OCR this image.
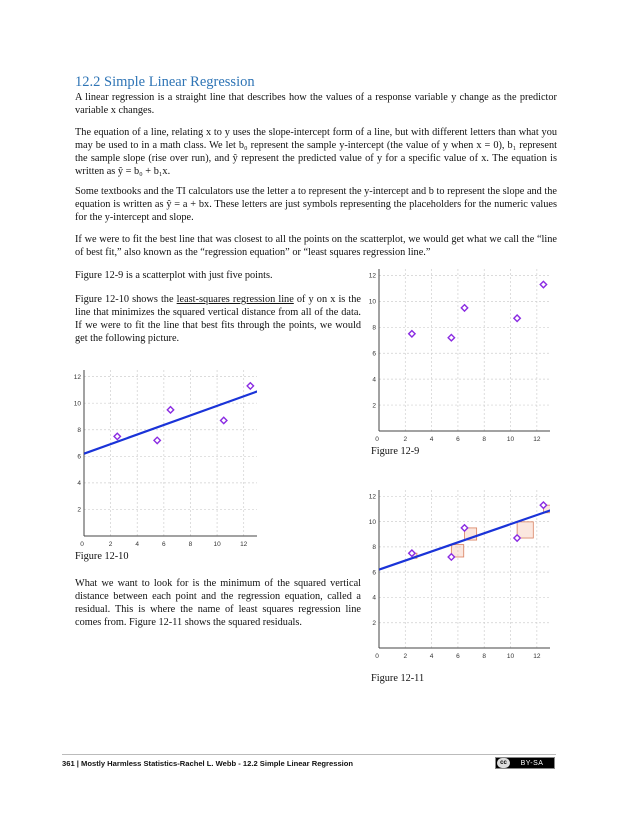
12.2 Simple Linear Regression
A linear regression is a straight line that describes how the values of a response variable y change as the predictor variable x changes.
The equation of a line, relating x to y uses the slope-intercept form of a line, but with different letters than what you may be used to in a math class. We let b₀ represent the sample y-intercept (the value of y when x = 0), b₁ represent the sample slope (rise over run), and ŷ represent the predicted value of y for a specific value of x. The equation is written as ŷ = b₀ + b₁x.
Some textbooks and the TI calculators use the letter a to represent the y-intercept and b to represent the slope and the equation is written as ŷ = a + bx. These letters are just symbols representing the placeholders for the numeric values for the y-intercept and slope.
If we were to fit the best line that was closest to all the points on the scatterplot, we would get what we call the “line of best fit,” also known as the “regression equation” or “least squares regression line.”
Figure 12-9 is a scatterplot with just five points.
Figure 12-10 shows the least-squares regression line of y on x is the line that minimizes the squared vertical distance from all of the data. If we were to fit the line that best fits through the points, we would get the following picture.
0	2	4	6	8	10	12
2
4
6
8
10
12
Figure 12-9
0	2	4	6	8	10	12
2
4
6
8
10
12
Figure 12-10
What we want to look for is the minimum of the squared vertical distance between each point and the regression equation, called a residual. This is where the name of least squares regression line comes from. Figure 12-11 shows the squared residuals.
0	2	4	6	8	10	12
2
4
6
8
10
12
Figure 12-11
361 | Mostly Harmless Statistics-Rachel L. Webb - 12.2 Simple Linear Regression	cc	BY-SA
